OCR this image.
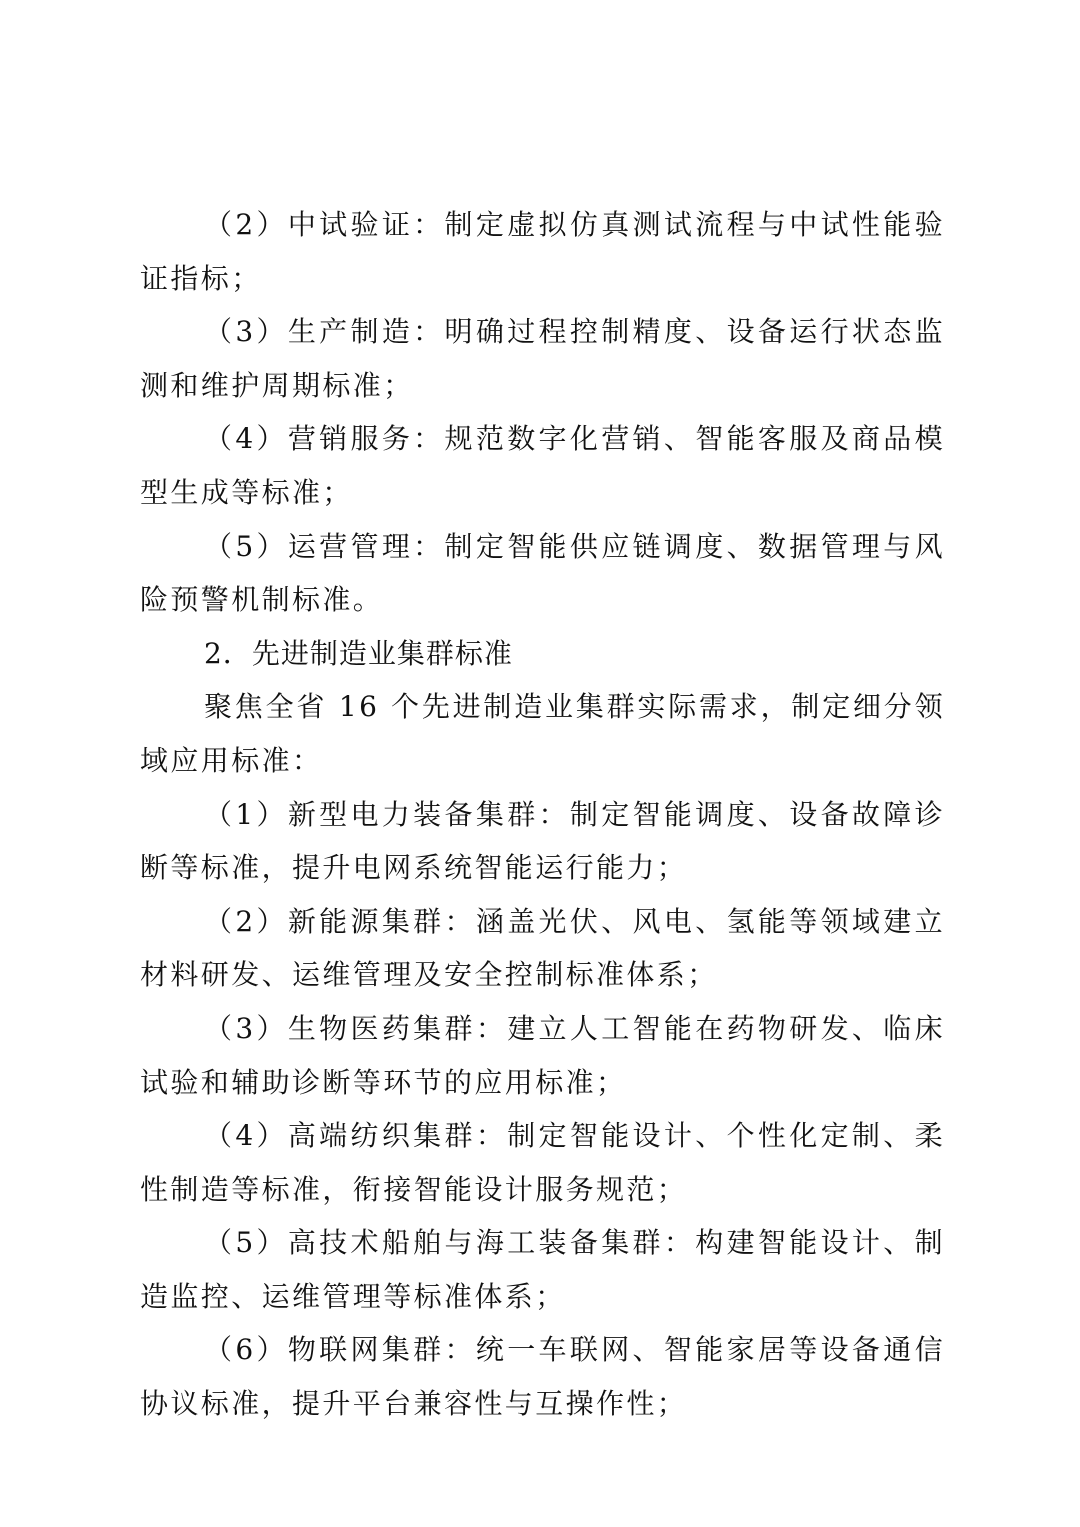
（2）中试验证：制定虚拟仿真测试流程与中试性能验证指标；

（3）生产制造：明确过程控制精度、设备运行状态监测和维护周期标准；

（4）营销服务：规范数字化营销、智能客服及商品模型生成等标准；

（5）运营管理：制定智能供应链调度、数据管理与风险预警机制标准。

2．先进制造业集群标准

聚焦全省 16 个先进制造业集群实际需求，制定细分领域应用标准：

（1）新型电力装备集群：制定智能调度、设备故障诊断等标准，提升电网系统智能运行能力；

（2）新能源集群：涵盖光伏、风电、氢能等领域建立材料研发、运维管理及安全控制标准体系；

（3）生物医药集群：建立人工智能在药物研发、临床试验和辅助诊断等环节的应用标准；

（4）高端纺织集群：制定智能设计、个性化定制、柔性制造等标准，衔接智能设计服务规范；

（5）高技术船舶与海工装备集群：构建智能设计、制造监控、运维管理等标准体系；

（6）物联网集群：统一车联网、智能家居等设备通信协议标准，提升平台兼容性与互操作性；
